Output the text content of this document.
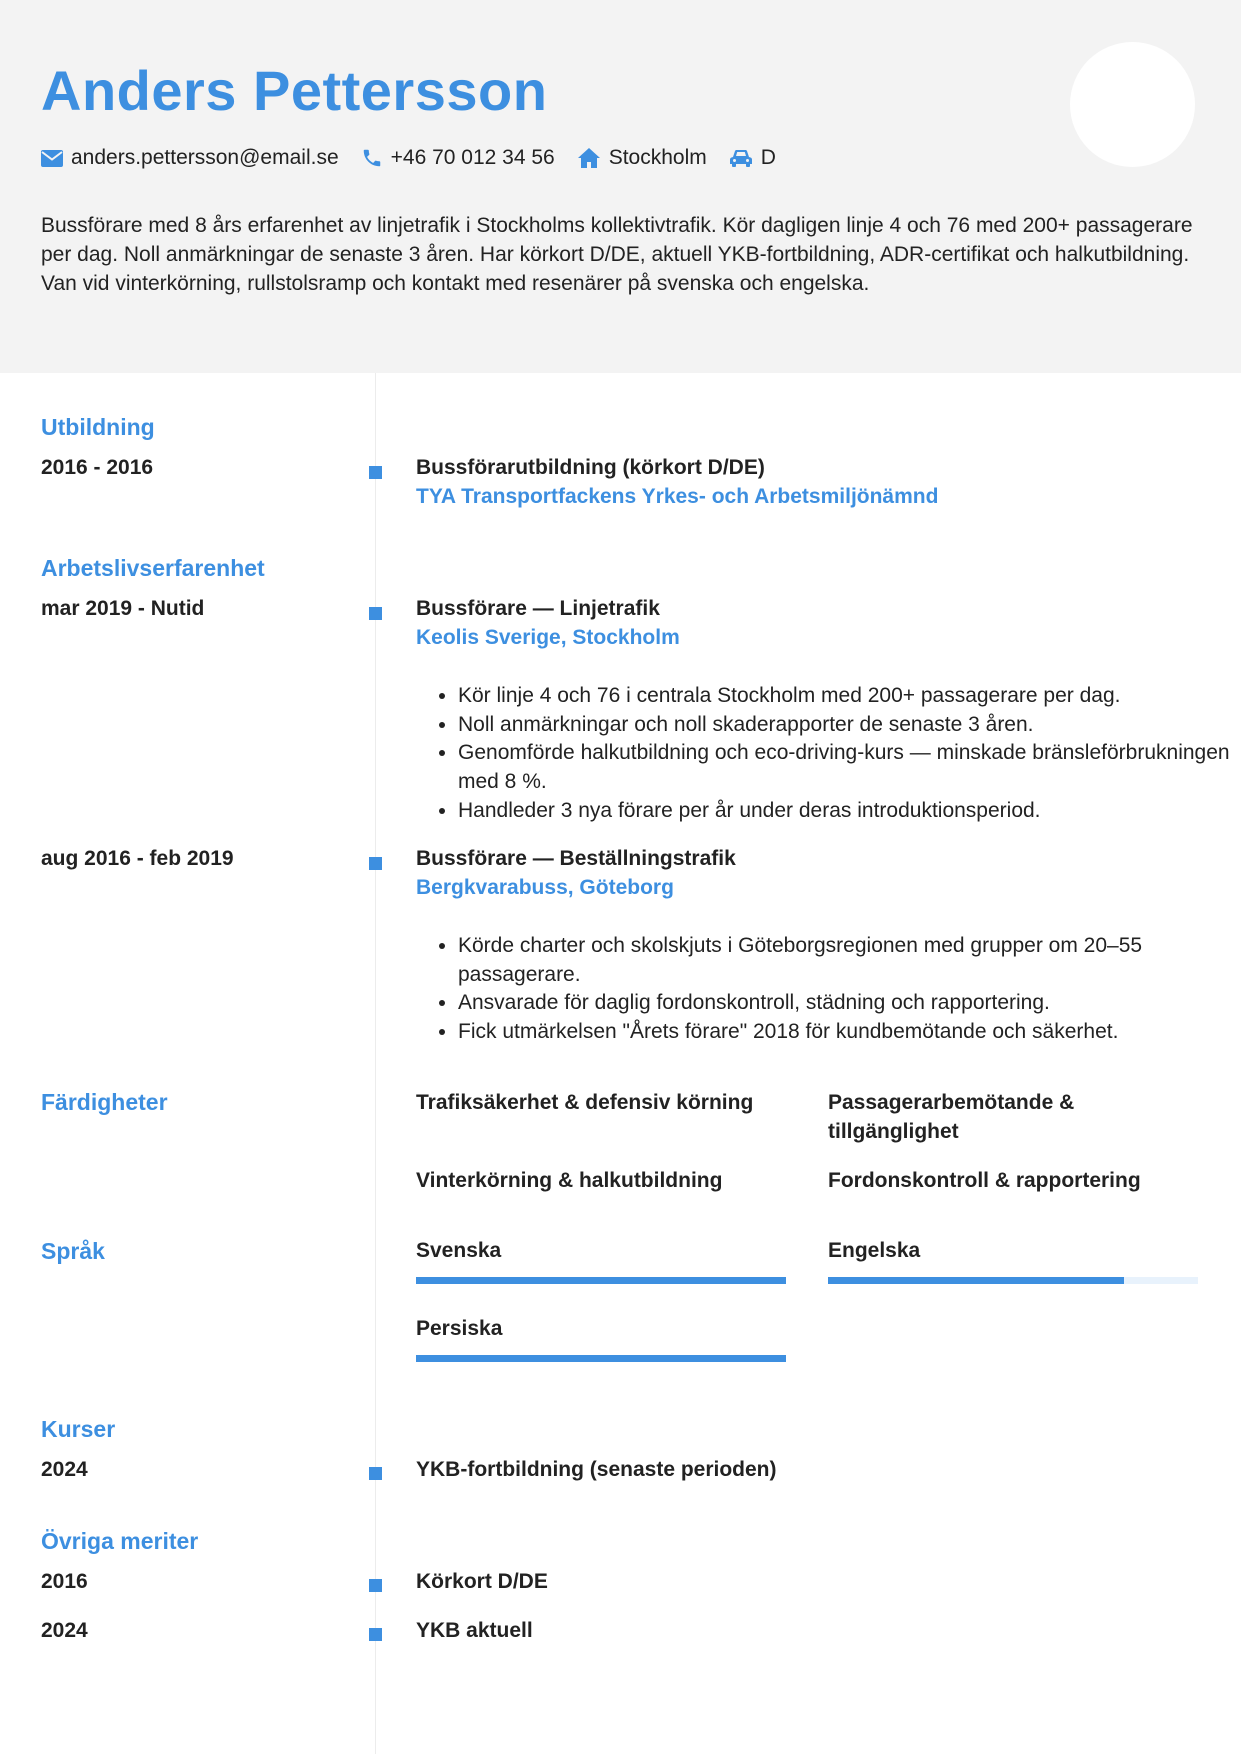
Anders Pettersson
anders.pettersson@email.se +46 70 012 34 56	Stockholm	D

Bussförare med 8 års erfarenhet av linjetrafik i Stockholms kollektivtrafik. Kör dagligen linje 4 och 76 med 200+ passagerare per dag. Noll anmärkningar de senaste 3 åren. Har körkort D/DE, aktuell YKB-fortbildning, ADR-certifikat och halkutbildning. Van vid vinterkörning, rullstolsramp och kontakt med resenärer på svenska och engelska.

Utbildning
2016 - 2016	Bussförarutbildning (körkort D/DE)
TYA Transportfackens Yrkes- och Arbetsmiljönämnd
Arbetslivserfarenhet
mar 2019 - Nutid	Bussförare — Linjetrafik
Keolis Sverige, Stockholm
• Kör linje 4 och 76 i centrala Stockholm med 200+ passagerare per dag.
• Noll anmärkningar och noll skaderapporter de senaste 3 åren.
• Genomförde halkutbildning och eco-driving-kurs — minskade bränsleförbrukningen med 8 %.
• Handleder 3 nya förare per år under deras introduktionsperiod.
aug 2016 - feb 2019	Bussförare — Beställningstrafik
Bergkvarabuss, Göteborg
• Körde charter och skolskjuts i Göteborgsregionen med grupper om 20–55 passagerare.
• Ansvarade för daglig fordonskontroll, städning och rapportering.
• Fick utmärkelsen "Årets förare" 2018 för kundbemötande och säkerhet.
Färdigheter	Trafiksäkerhet & defensiv körning	Passagerarbemötande & tillgänglighet
Vinterkörning & halkutbildning	Fordonskontroll & rapportering
Språk	Svenska	Engelska
Persiska
Kurser
2024	YKB-fortbildning (senaste perioden)
Övriga meriter
2016	Körkort D/DE
2024	YKB aktuell
